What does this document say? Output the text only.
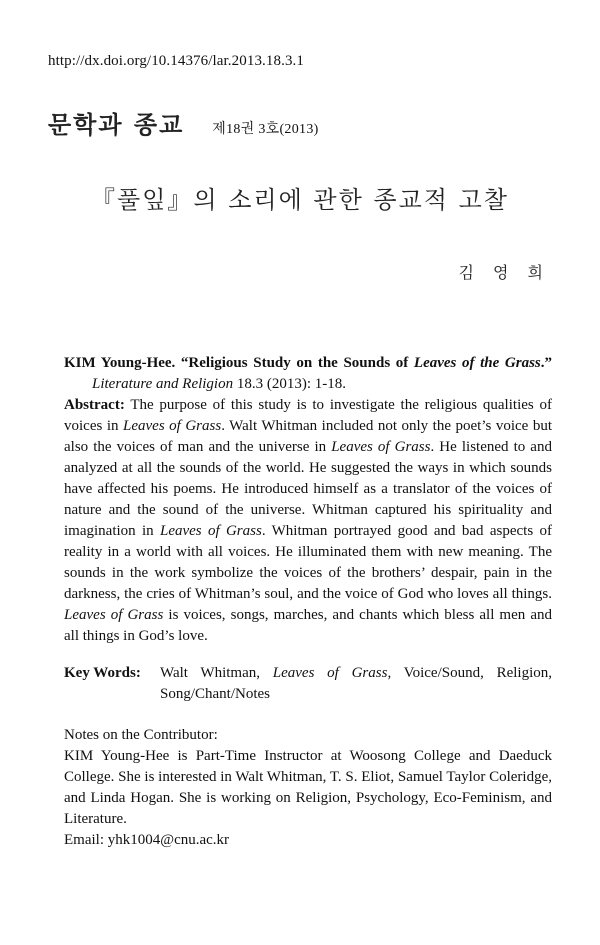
http://dx.doi.org/10.14376/lar.2013.18.3.1
문학과 종교 제18권 3호(2013)
『풀잎』의 소리에 관한 종교적 고찰
김 영 희
KIM Young-Hee. “Religious Study on the Sounds of Leaves of the Grass.”
Literature and Religion 18.3 (2013): 1-18.
Abstract: The purpose of this study is to investigate the religious qualities of voices in Leaves of Grass. Walt Whitman included not only the poet’s voice but also the voices of man and the universe in Leaves of Grass. He listened to and analyzed at all the sounds of the world. He suggested the ways in which sounds have affected his poems. He introduced himself as a translator of the voices of nature and the sound of the universe. Whitman captured his spirituality and imagination in Leaves of Grass. Whitman portrayed good and bad aspects of reality in a world with all voices. He illuminated them with new meaning. The sounds in the work symbolize the voices of the brothers’ despair, pain in the darkness, the cries of Whitman’s soul, and the voice of God who loves all things. Leaves of Grass is voices, songs, marches, and chants which bless all men and all things in God’s love.
Key Words:	Walt Whitman, Leaves of Grass, Voice/Sound, Religion,
Song/Chant/Notes
Notes on the Contributor:
KIM Young-Hee is Part-Time Instructor at Woosong College and Daeduck College. She is interested in Walt Whitman, T. S. Eliot, Samuel Taylor Coleridge, and Linda Hogan. She is working on Religion, Psychology, Eco-Feminism, and Literature.
Email: yhk1004@cnu.ac.kr
